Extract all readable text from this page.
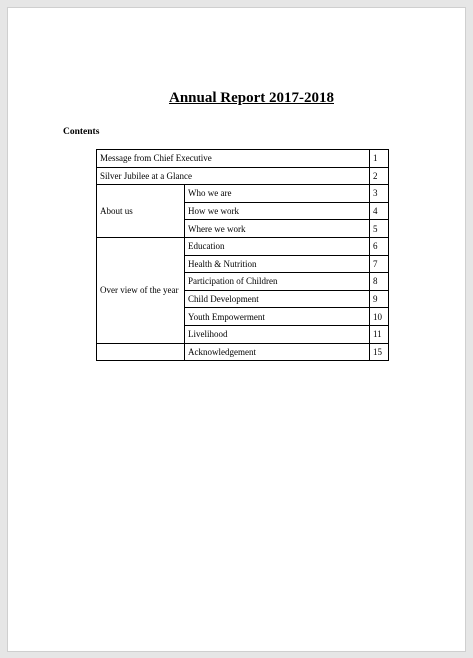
Annual Report 2017-2018
Contents
Message from Chief Executive		1
Silver Jubilee at a Glance		2
About us	Who we are	3
	How we work	4
	Where we work	5
Over view of the year	Education	6
	Health & Nutrition	7
	Participation of Children	8
	Child Development	9
	Youth Empowerment	10
	Livelihood	11
	Acknowledgement	15
